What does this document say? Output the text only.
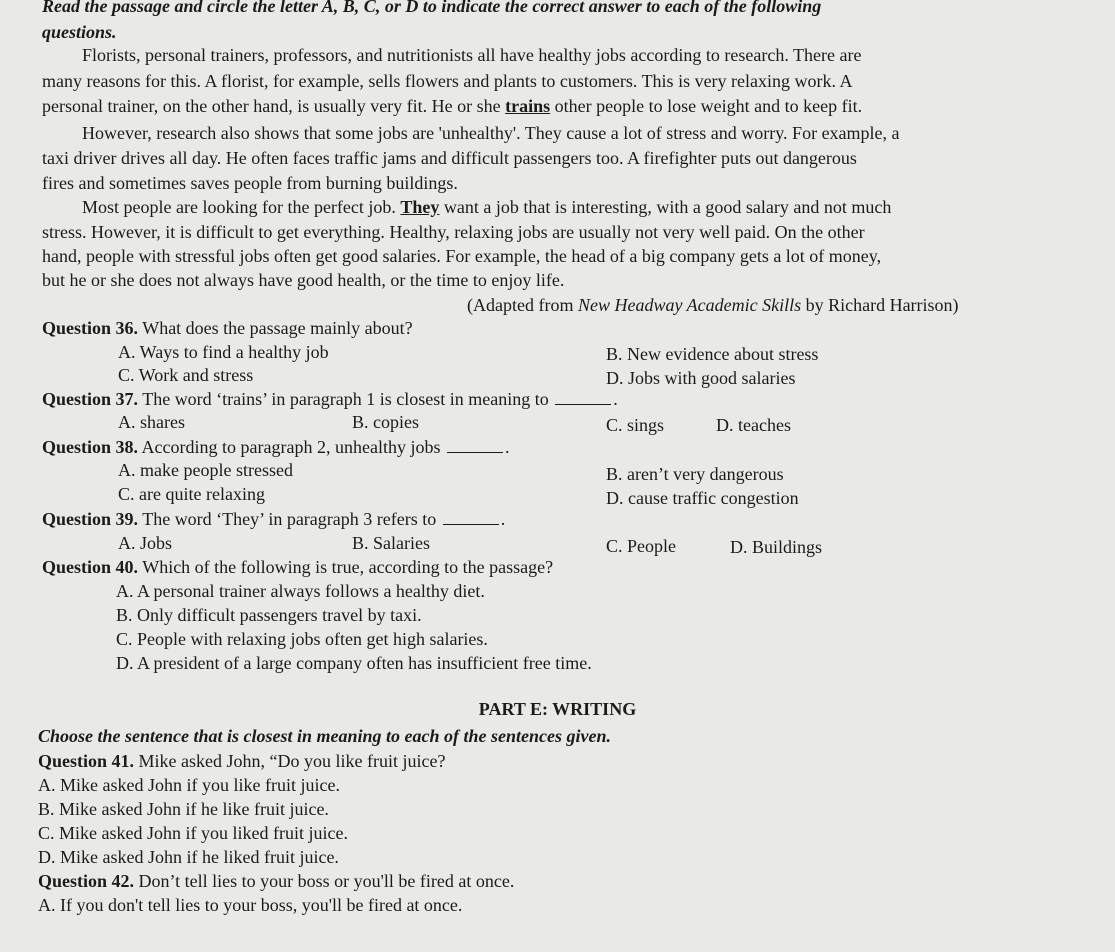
Read the passage and circle the letter A, B, C, or D to indicate the correct answer to each of the following
questions.
Florists, personal trainers, professors, and nutritionists all have healthy jobs according to research. There are
many reasons for this. A florist, for example, sells flowers and plants to customers. This is very relaxing work. A
personal trainer, on the other hand, is usually very fit. He or she trains other people to lose weight and to keep fit.
However, research also shows that some jobs are 'unhealthy'. They cause a lot of stress and worry. For example, a
taxi driver drives all day. He often faces traffic jams and difficult passengers too. A firefighter puts out dangerous
fires and sometimes saves people from burning buildings.
Most people are looking for the perfect job. They want a job that is interesting, with a good salary and not much
stress. However, it is difficult to get everything. Healthy, relaxing jobs are usually not very well paid. On the other
hand, people with stressful jobs often get good salaries. For example, the head of a big company gets a lot of money,
but he or she does not always have good health, or the time to enjoy life.
(Adapted from New Headway Academic Skills by Richard Harrison)
Question 36. What does the passage mainly about?
A. Ways to find a healthy job	B. New evidence about stress
C. Work and stress	D. Jobs with good salaries
Question 37. The word ‘trains’ in paragraph 1 is closest in meaning to	.
A. shares	B. copies	C. sings	D. teaches
Question 38. According to paragraph 2, unhealthy jobs	.
A. make people stressed	B. aren’t very dangerous
C. are quite relaxing	D. cause traffic congestion
Question 39. The word ‘They’ in paragraph 3 refers to	.
A. Jobs	B. Salaries	C. People	D. Buildings
Question 40. Which of the following is true, according to the passage?
A. A personal trainer always follows a healthy diet.
B. Only difficult passengers travel by taxi.
C. People with relaxing jobs often get high salaries.
D. A president of a large company often has insufficient free time.
PART E: WRITING
Choose the sentence that is closest in meaning to each of the sentences given.
Question 41. Mike asked John, “Do you like fruit juice?
A. Mike asked John if you like fruit juice.
B. Mike asked John if he like fruit juice.
C. Mike asked John if you liked fruit juice.
D. Mike asked John if he liked fruit juice.
Question 42. Don’t tell lies to your boss or you'll be fired at once.
A. If you don't tell lies to your boss, you'll be fired at once.
